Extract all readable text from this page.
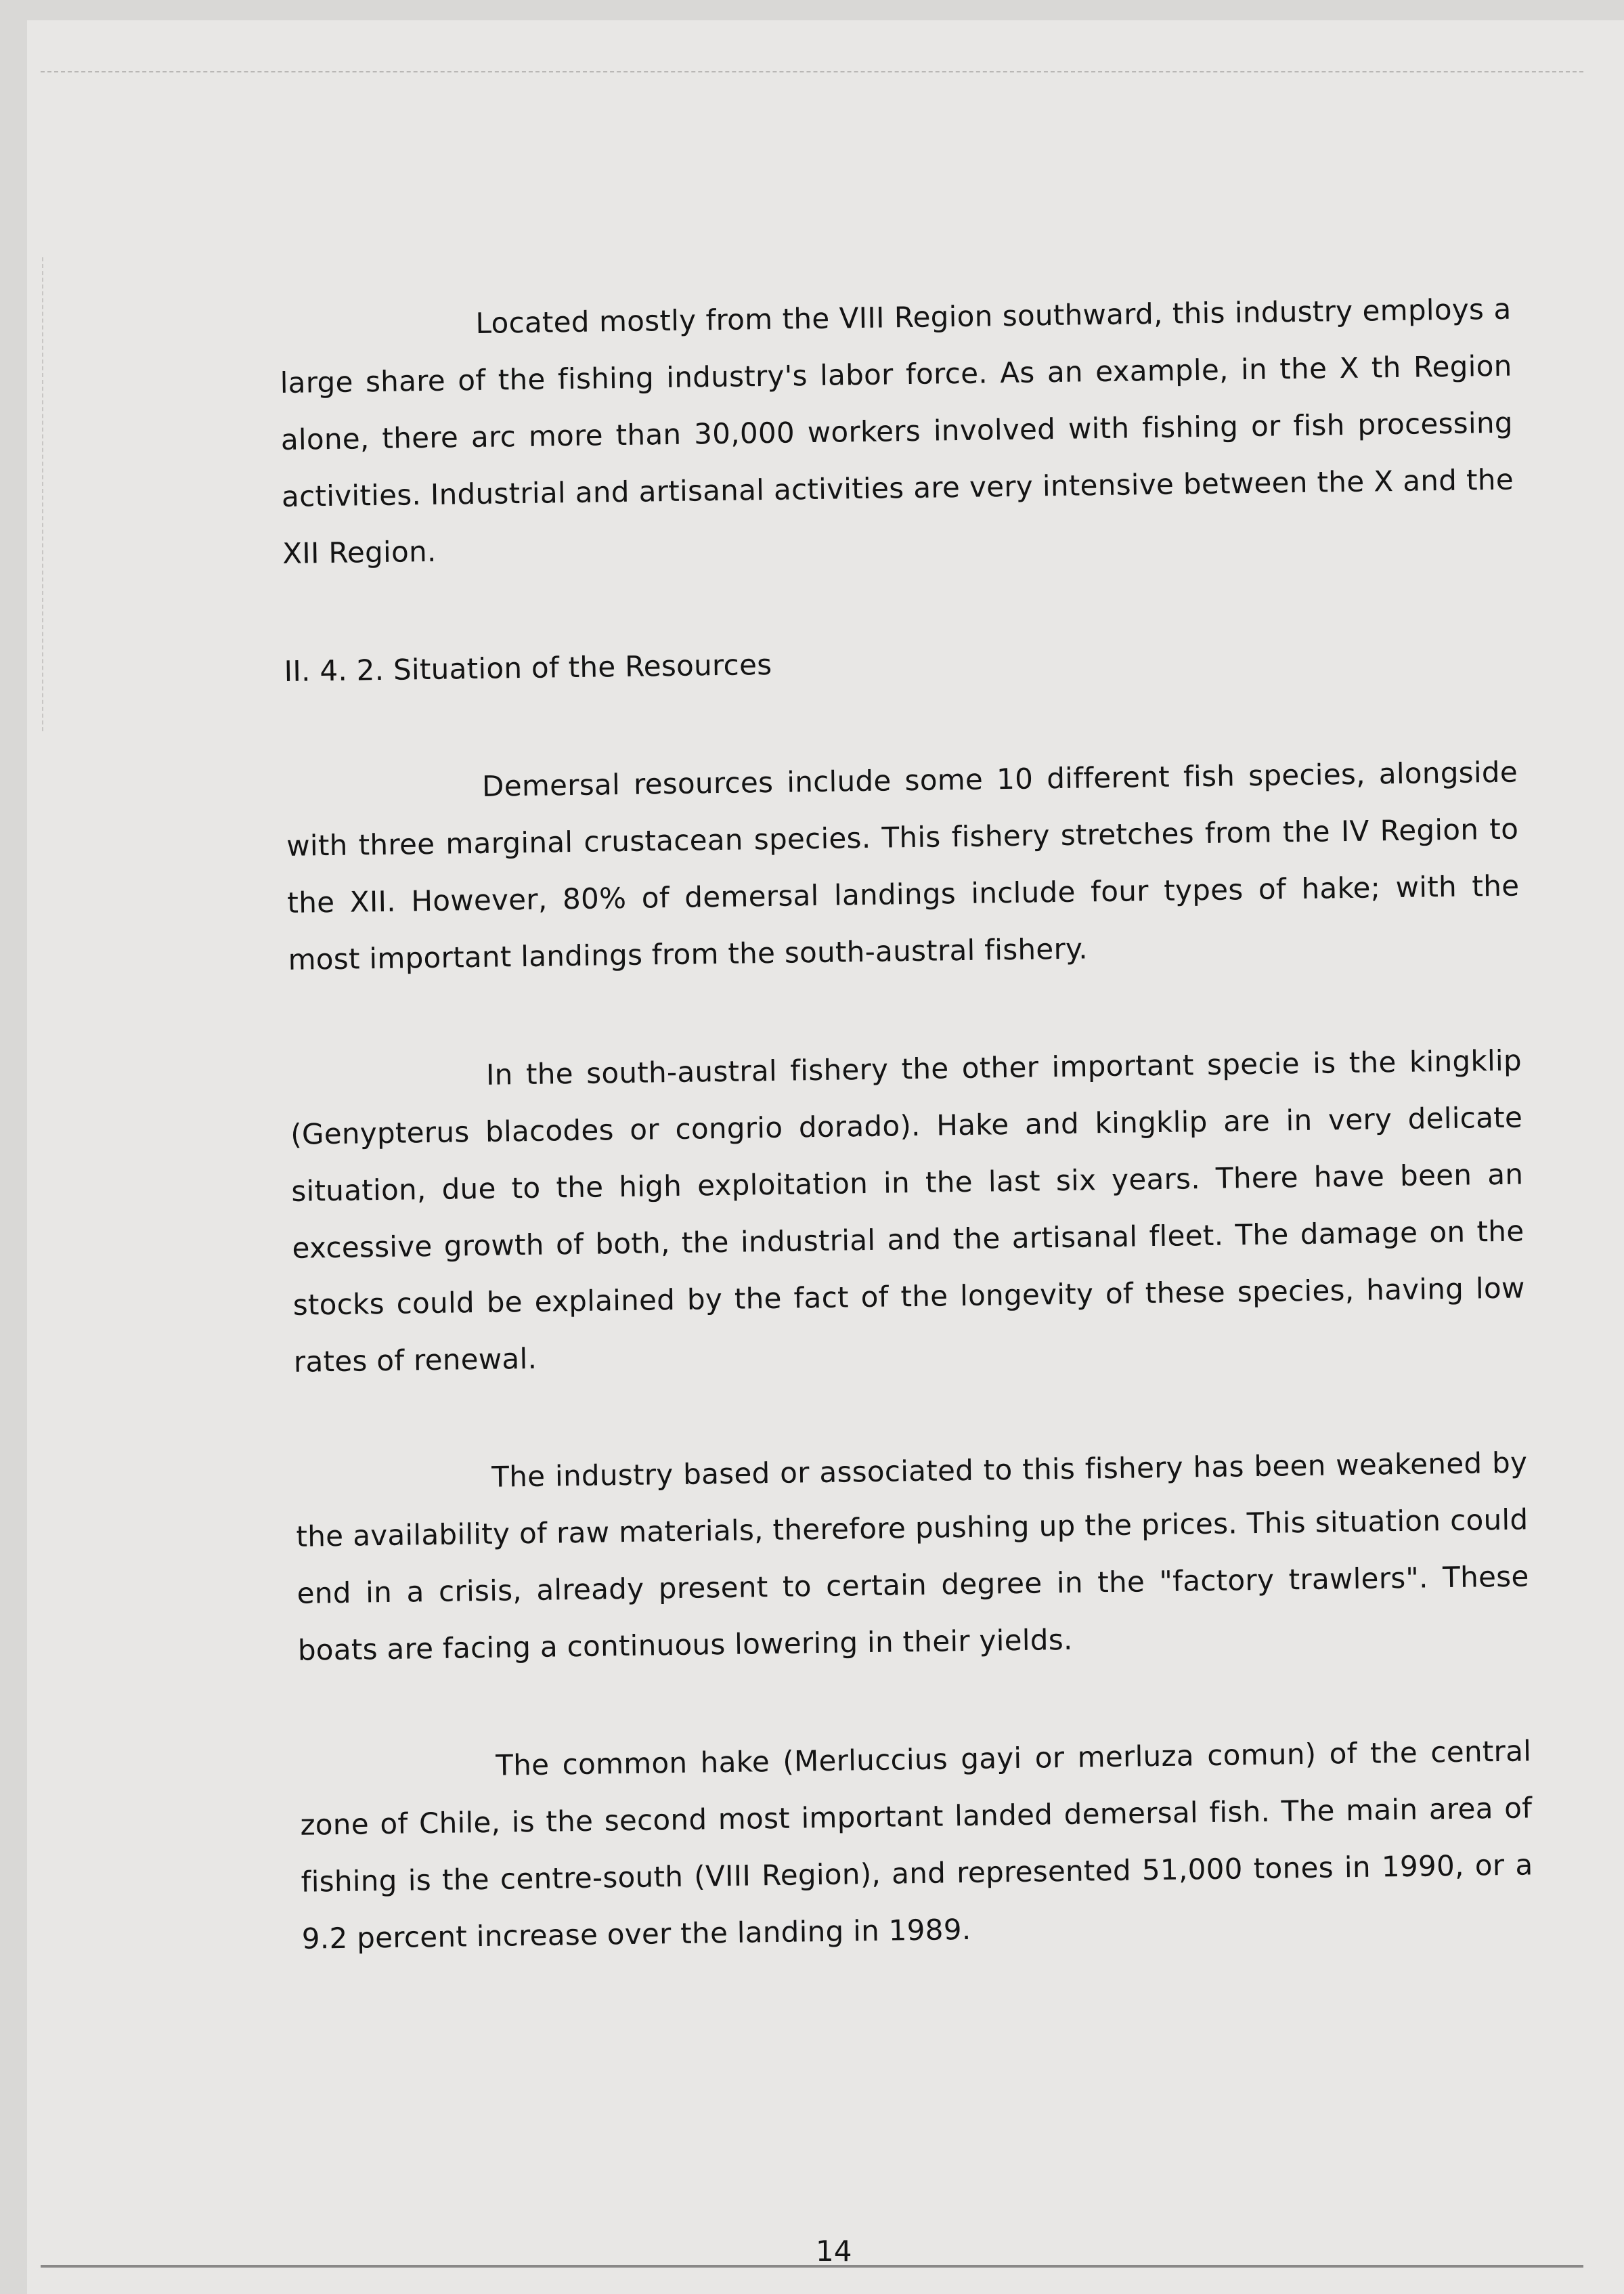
Located mostly from the VIII Region southward, this industry employs a large share of the fishing industry's labor force. As an example, in the X th Region alone, there arc more than 30,000 workers involved with fishing or fish processing activities. Industrial and artisanal activities are very intensive between the X and the XII Region.

II. 4. 2. Situation of the Resources

Demersal resources include some 10 different fish species, alongside with three marginal crustacean species. This fishery stretches from the IV Region to the XII. However, 80% of demersal landings include four types of hake; with the most important landings from the south-austral fishery.

In the south-austral fishery the other important specie is the kingklip (Genypterus blacodes or congrio dorado). Hake and kingklip are in very delicate situation, due to the high exploitation in the last six years. There have been an excessive growth of both, the industrial and the artisanal fleet. The damage on the stocks could be explained by the fact of the longevity of these species, having low rates of renewal.

The industry based or associated to this fishery has been weakened by the availability of raw materials, therefore pushing up the prices. This situation could end in a crisis, already present to certain degree in the "factory trawlers". These boats are facing a continuous lowering in their yields.

The common hake (Merluccius gayi or merluza comun) of the central zone of Chile, is the second most important landed demersal fish. The main area of fishing is the centre-south (VIII Region), and represented 51,000 tones in 1990, or a 9.2 percent increase over the landing in 1989.

14
